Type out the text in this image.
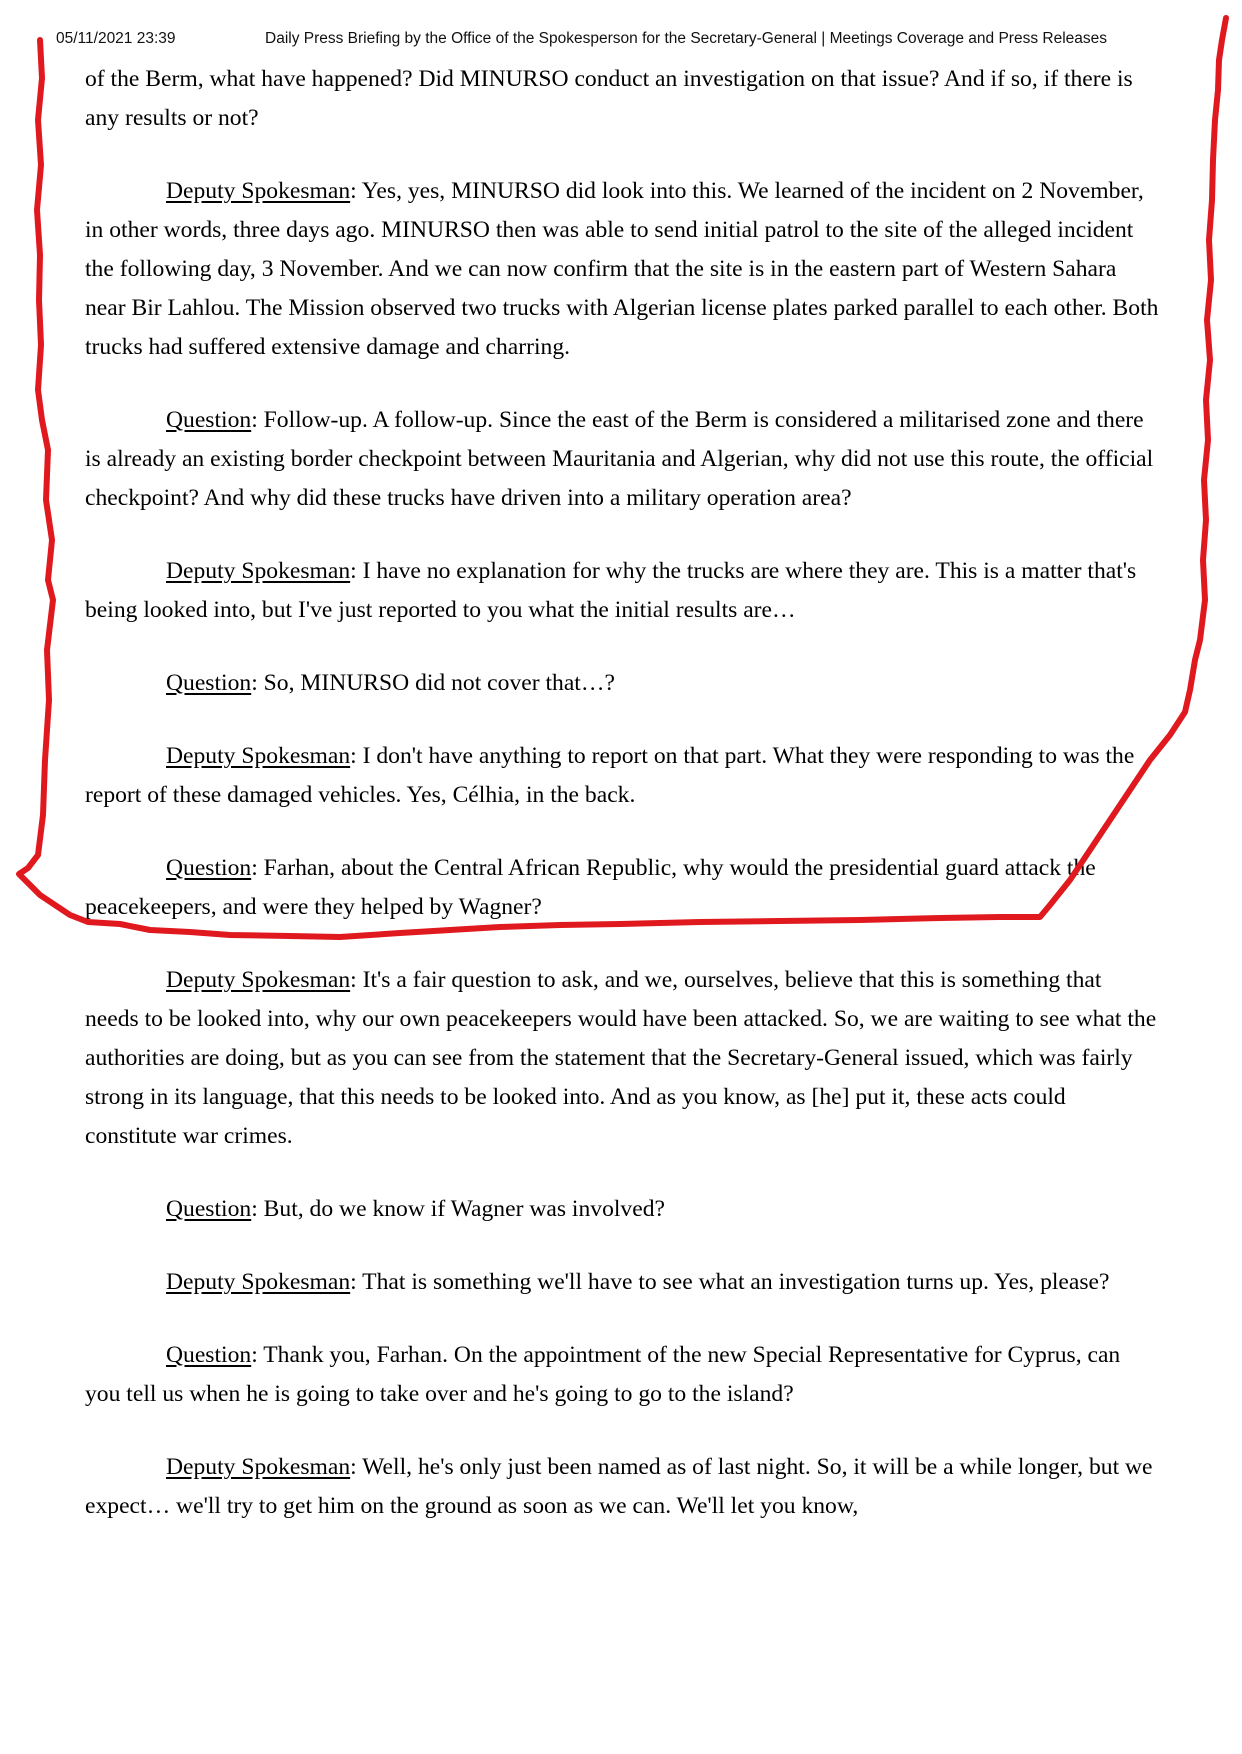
05/11/2021 23:39	Daily Press Briefing by the Office of the Spokesperson for the Secretary-General | Meetings Coverage and Press Releases

of the Berm, what have happened? Did MINURSO conduct an investigation on that issue? And if so, if there is any results or not?

Deputy Spokesman: Yes, yes, MINURSO did look into this. We learned of the incident on 2 November, in other words, three days ago. MINURSO then was able to send initial patrol to the site of the alleged incident the following day, 3 November. And we can now confirm that the site is in the eastern part of Western Sahara near Bir Lahlou. The Mission observed two trucks with Algerian license plates parked parallel to each other. Both trucks had suffered extensive damage and charring.

Question: Follow-up. A follow-up. Since the east of the Berm is considered a militarised zone and there is already an existing border checkpoint between Mauritania and Algerian, why did not use this route, the official checkpoint? And why did these trucks have driven into a military operation area?

Deputy Spokesman: I have no explanation for why the trucks are where they are. This is a matter that's being looked into, but I've just reported to you what the initial results are…

Question: So, MINURSO did not cover that…?

Deputy Spokesman: I don't have anything to report on that part. What they were responding to was the report of these damaged vehicles. Yes, Célhia, in the back.

Question: Farhan, about the Central African Republic, why would the presidential guard attack the peacekeepers, and were they helped by Wagner?

Deputy Spokesman: It's a fair question to ask, and we, ourselves, believe that this is something that needs to be looked into, why our own peacekeepers would have been attacked. So, we are waiting to see what the authorities are doing, but as you can see from the statement that the Secretary-General issued, which was fairly strong in its language, that this needs to be looked into. And as you know, as [he] put it, these acts could constitute war crimes.

Question: But, do we know if Wagner was involved?

Deputy Spokesman: That is something we'll have to see what an investigation turns up. Yes, please?

Question: Thank you, Farhan. On the appointment of the new Special Representative for Cyprus, can you tell us when he is going to take over and he's going to go to the island?

Deputy Spokesman: Well, he's only just been named as of last night. So, it will be a while longer, but we expect… we'll try to get him on the ground as soon as we can. We'll let you know,
